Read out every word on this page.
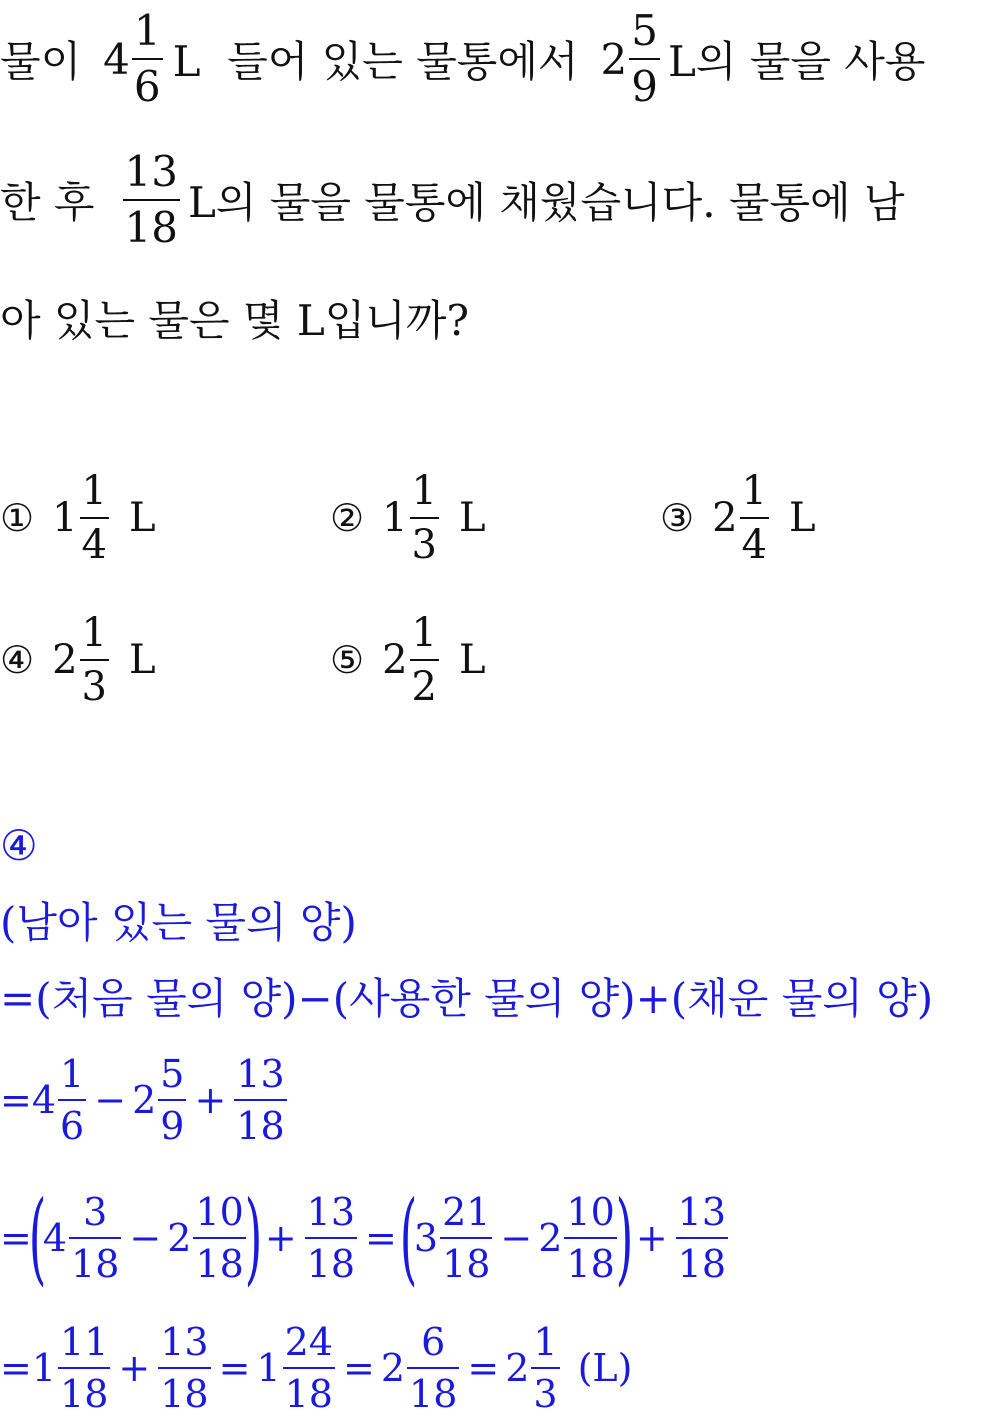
물이 $4 \frac{1}{6}$ L  들어 있는 물통에서 $2 \frac{5}{9}$ L의 물을 사용
한 후 $\frac{13}{18}$ L의 물을 물통에 채웠습니다. 물통에 남
아 있는 물은 몇 L입니까?
① $1 \frac{1}{4}$ L	② $1 \frac{1}{3}$ L	③ $2 \frac{1}{4}$ L
④ $2 \frac{1}{3}$ L	⑤ $2 \frac{1}{2}$ L
④
(남아 있는 물의 양)
=(처음 물의 양)−(사용한 물의 양)+(채운 물의 양)
= $4 \frac{1}{6} - 2 \frac{5}{9} + \frac{13}{18}$
=
(
$4 \frac{3}{18} - 2 \frac{10}{18}$
) + $\frac{13}{18}$ = (
$3 \frac{21}{18} - 2 \frac{10}{18}$
) + $\frac{13}{18}$
= $1 \frac{11}{18} + \frac{13}{18} = 1 \frac{24}{18} = 2 \frac{6}{18} = 2 \frac{1}{3} (L)$
